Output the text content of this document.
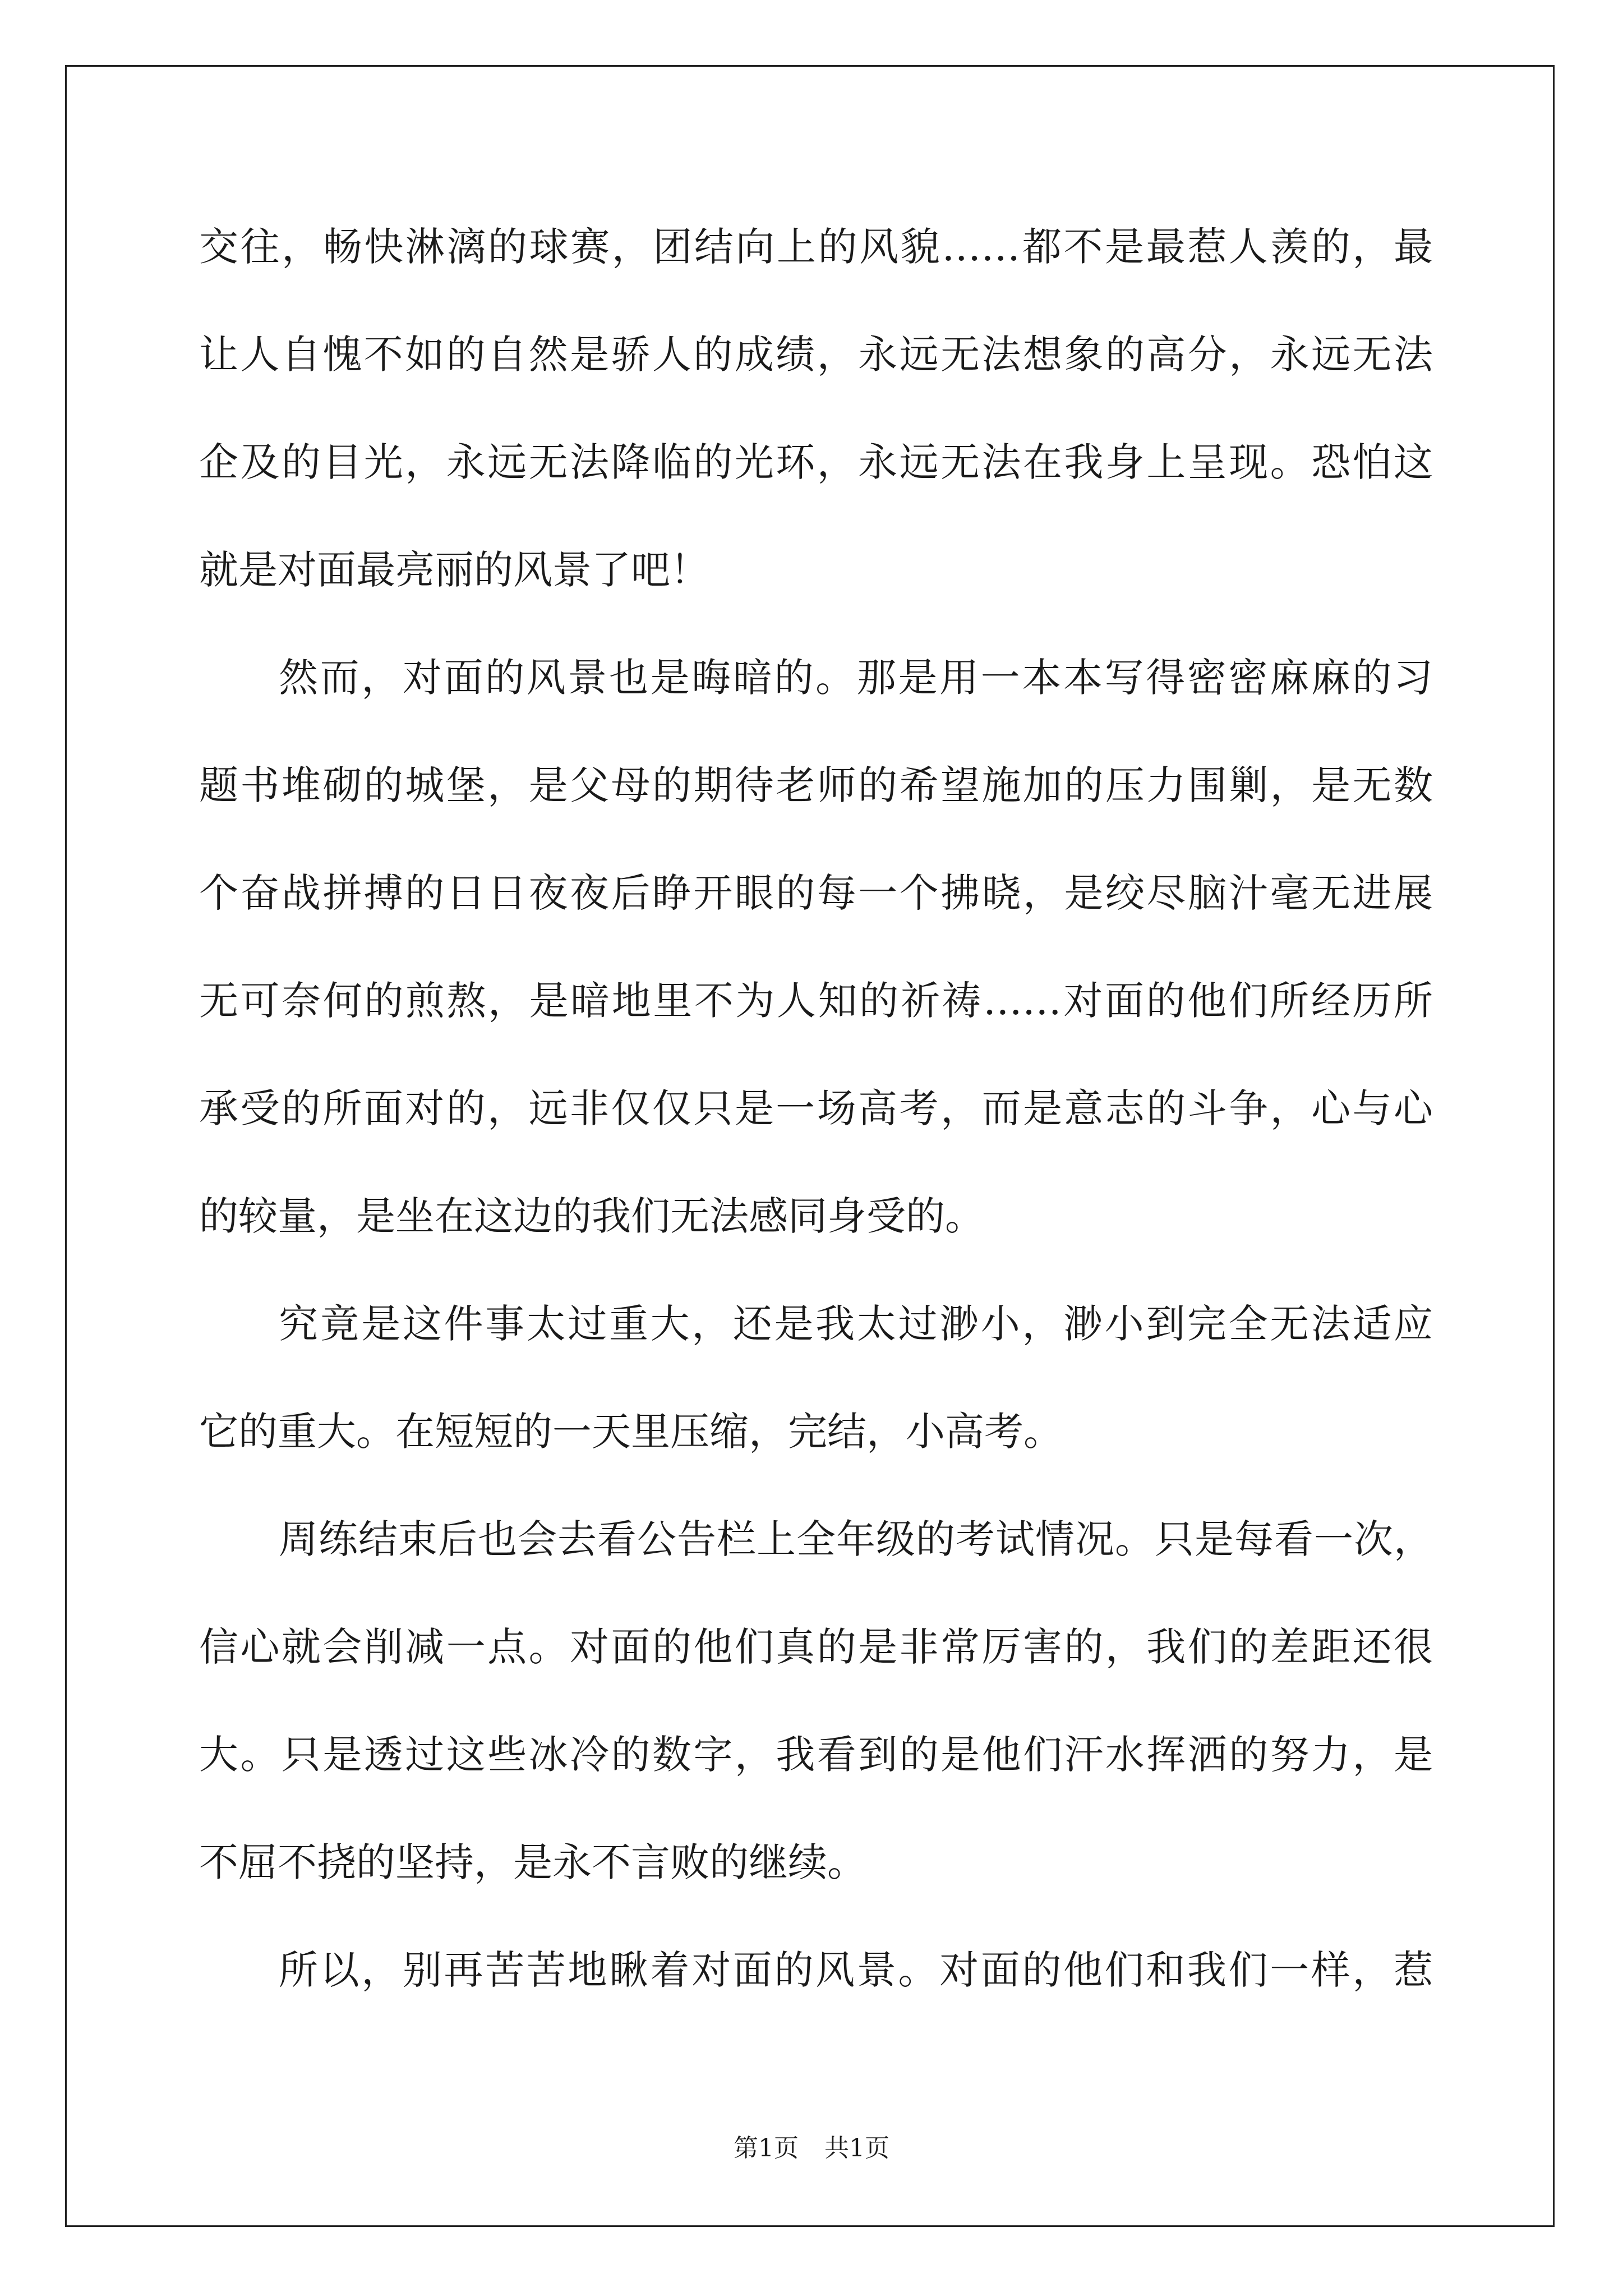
交往，畅快淋漓的球赛，团结向上的风貌……都不是最惹人羡的，最
让人自愧不如的自然是骄人的成绩，永远无法想象的高分，永远无法
企及的目光，永远无法降临的光环，永远无法在我身上呈现。恐怕这
就是对面最亮丽的风景了吧！
然而，对面的风景也是晦暗的。那是用一本本写得密密麻麻的习
题书堆砌的城堡，是父母的期待老师的希望施加的压力围剿，是无数
个奋战拼搏的日日夜夜后睁开眼的每一个拂晓，是绞尽脑汁毫无进展
无可奈何的煎熬，是暗地里不为人知的祈祷……对面的他们所经历所
承受的所面对的，远非仅仅只是一场高考，而是意志的斗争，心与心
的较量，是坐在这边的我们无法感同身受的。
究竟是这件事太过重大，还是我太过渺小，渺小到完全无法适应
它的重大。在短短的一天里压缩，完结，小高考。
周练结束后也会去看公告栏上全年级的考试情况。只是每看一次，
信心就会削减一点。对面的他们真的是非常厉害的，我们的差距还很
大。只是透过这些冰冷的数字，我看到的是他们汗水挥洒的努力，是
不屈不挠的坚持，是永不言败的继续。
所以，别再苦苦地瞅着对面的风景。对面的他们和我们一样，惹
第1页 共1页
